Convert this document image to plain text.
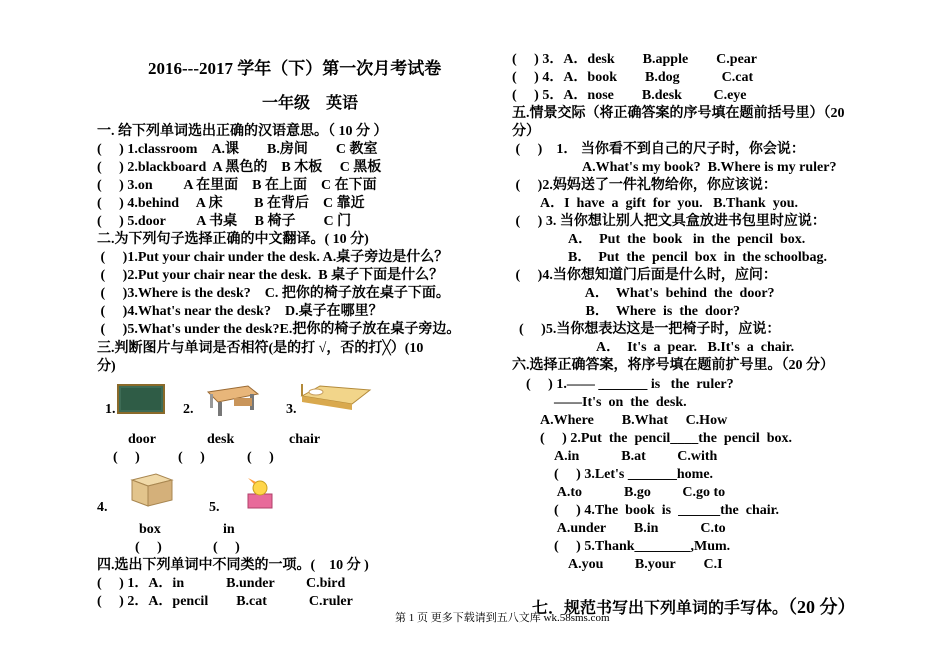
2016---2017 学年（下）第一次月考试卷
一年级　英语
一. 给下列单词选出正确的汉语意思。（ 10 分 ）
(　 ) 1.classroom　A.课　　B.房间　　C 教室
(　 ) 2.blackboard  A 黑色的　B 木板　 C 黑板
(　 ) 3.on　　 A 在里面　B 在上面　C 在下面
(　 ) 4.behind　 A 床　　 B 在背后　C 靠近
(　 ) 5.door　　 A 书桌　 B 椅子　　C 门
二.为下列句子选择正确的中文翻译。( 10 分)
(　 )1.Put your chair under the desk. A.桌子旁边是什么？
(　 )2.Put your chair near the desk.  B 桌子下面是什么？
(　 )3.Where is the desk?　C. 把你的椅子放在桌子下面。
(　 )4.What's near the desk?　D.桌子在哪里？
(　 )5.What's under the desk?E.把你的椅子放在桌子旁边。
三.判断图片与单词是否相符(是的打 √，否的打╳）(10
分)
1.	2.	3.
door	desk	chair
(　 )	(　 )	(　 )
4.	5.
box	in
(　 )	(　 )
四.选出下列单词中不同类的一项。(　10 分 )
(　 ) 1．A．in　　　B.under　　 C.bird
(　 ) 2．A．pencil　　B.cat　　　C.ruler
(　 ) 3．A．desk　　B.apple　　C.pear
(　 ) 4．A．book　　B.dog　　　C.cat
(　 ) 5．A．nose　　B.desk　　 C.eye
五.情景交际（将正确答案的序号填在题前括号里）（20
分）
(　 )　1． 当你看不到自己的尺子时，你会说：
　　　　　A.What's my book?  B.Where is my ruler?
(　 )2.妈妈送了一件礼物给你，你应该说：
　　A．I  have  a  gift  for  you.   B.Thank  you.
(　 ) 3. 当你想让别人把文具盒放进书包里时应说：
　　　　A．　Put  the  book   in  the  pencil  box.
　　　　B．　Put  the  pencil  box  in  the schoolbag.
(　 )4.当你想知道门后面是什么时，应问：
　　　　　 A．　What's  behind  the  door?
　　　　　 B．　Where  is  the  door?
(　 )5.当你想表达这是一把椅子时，应说：
　　　　　　A．　It's  a  pear.   B.It's  a  chair.
六.选择正确答案，将序号填在题前扩号里。（20 分）
　(　 ) 1.—— _______ is   the  ruler?
　　　——It's  on  the  desk.
　　A.Where　　B.What　 C.How
　　(　 ) 2.Put  the  pencil____the  pencil  box.
　　　A.in　　　B.at　　 C.with
　　　(　 ) 3.Let's _______home.
　　　 A.to　　　B.go　　 C.go to
　　　(　 ) 4.The  book  is  ______the  chair.
　　　 A.under　　B.in　　　C.to
　　　(　 ) 5.Thank________,Mum.
　　　　A.you　　 B.your　　C.I

七．规范书写出下列单词的手写体。（20 分）

第 1 页 更多下载请到五八文库 wk.58sms.com
